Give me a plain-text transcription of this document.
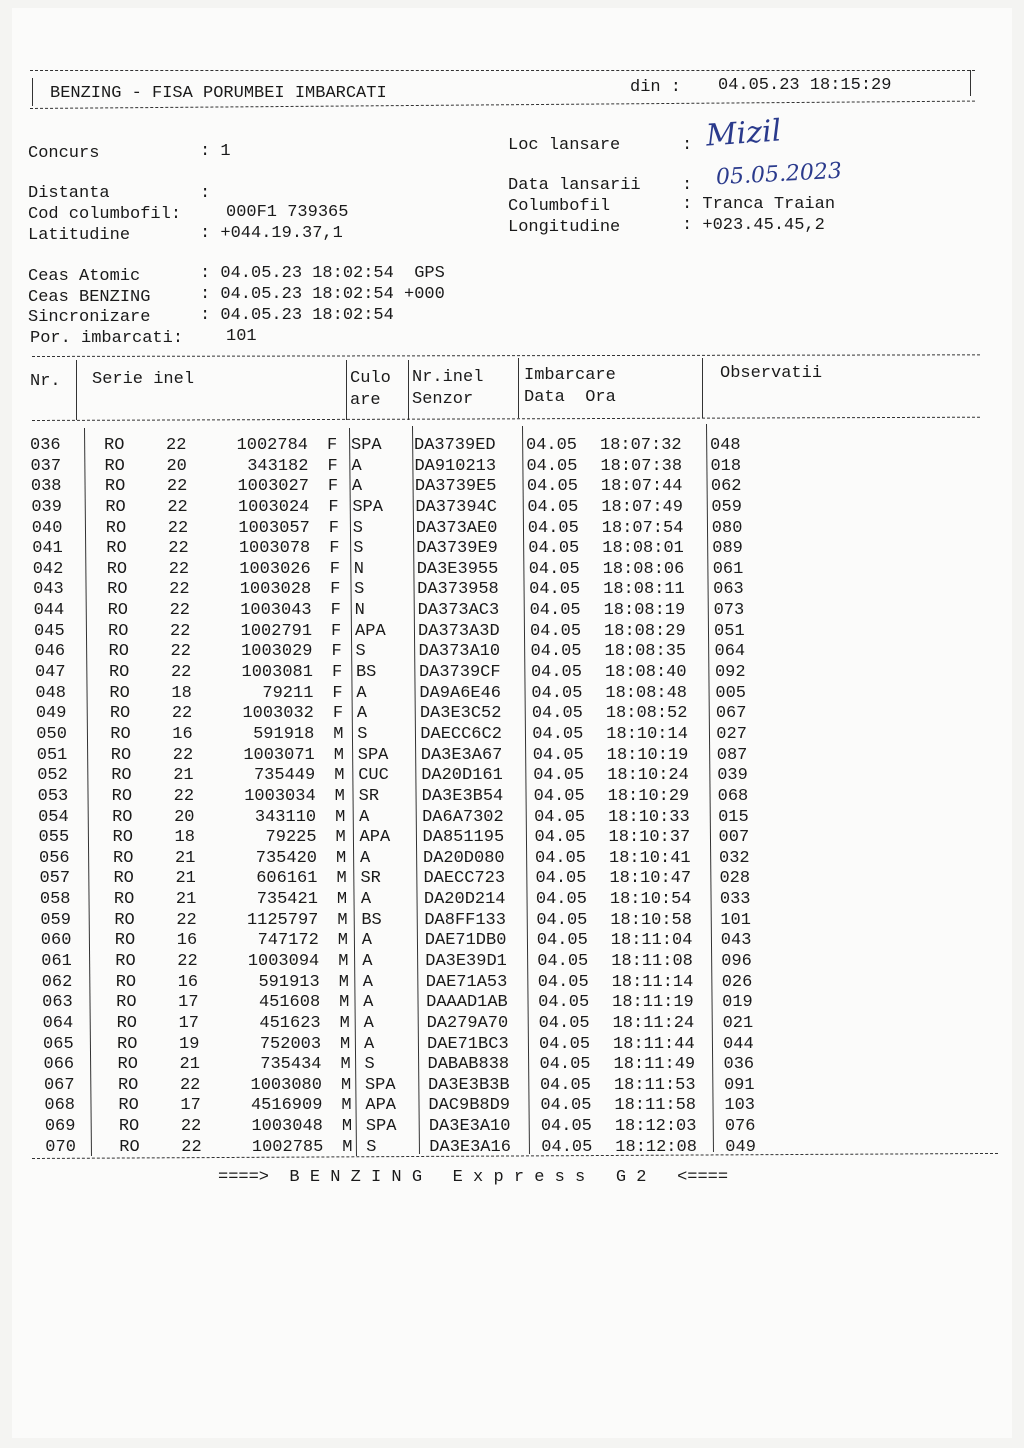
BENZING - FISA PORUMBEI IMBARCATI	din : 04.05.23 18:15:29
Concurs	: 1
Distanta	:
Cod columbofil:	000F1 739365
Latitudine	: +044.19.37,1
Loc lansare	: Mizil
Data lansarii : 05.05.2023
Columbofil	: Tranca Traian
Longitudine	: +023.45.45,2
Ceas Atomic	: 04.05.23 18:02:54  GPS
Ceas BENZING	: 04.05.23 18:02:54 +000
Sincronizare	: 04.05.23 18:02:54
Por. imbarcati:	101
Nr. Serie inel	Culo
are
Nr.inel
Senzor
Imbarcare
Data  Ora
Observatii
036	RO 22	1002784 F SPA DA3739ED 04.05 18:07:32 048
037	RO 20	343182 F A	DA910213 04.05 18:07:38 018
038	RO 22	1003027 F A	DA3739E5 04.05 18:07:44 062
039	RO 22	1003024 F SPA DA37394C 04.05 18:07:49 059
040	RO 22	1003057 F S	DA373AE0 04.05 18:07:54 080
041	RO 22	1003078 F S	DA3739E9 04.05 18:08:01 089
042	RO 22	1003026 F N	DA3E3955 04.05 18:08:06 061
043	RO 22	1003028 F S	DA373958 04.05 18:08:11 063
044	RO 22	1003043 F N	DA373AC3 04.05 18:08:19 073
045	RO 22	1002791 F APA DA373A3D 04.05 18:08:29 051
046	RO 22	1003029 F S	DA373A10 04.05 18:08:35 064
047	RO 22	1003081 F BS	DA3739CF 04.05 18:08:40 092
048	RO 18	79211 F A	DA9A6E46 04.05 18:08:48 005
049	RO 22	1003032 F A	DA3E3C52 04.05 18:08:52 067
050	RO 16	591918 M S	DAECC6C2 04.05 18:10:14 027
051	RO 22	1003071 M SPA DA3E3A67 04.05 18:10:19 087
052	RO 21	735449 M CUC DA20D161 04.05 18:10:24 039
053	RO 22	1003034 M SR	DA3E3B54 04.05 18:10:29 068
054	RO 20	343110 M A	DA6A7302 04.05 18:10:33 015
055	RO 18	79225 M APA DA851195 04.05 18:10:37 007
056	RO 21	735420 M A	DA20D080 04.05 18:10:41 032
057	RO 21	606161 M SR	DAECC723 04.05 18:10:47 028
058	RO 21	735421 M A	DA20D214 04.05 18:10:54 033
059	RO 22	1125797 M BS	DA8FF133 04.05 18:10:58 101
060	RO 16	747172 M A	DAE71DB0 04.05 18:11:04 043
061	RO 22	1003094 M A	DA3E39D1 04.05 18:11:08 096
062	RO 16	591913 M A	DAE71A53 04.05 18:11:14 026
063	RO 17	451608 M A	DAAAD1AB 04.05 18:11:19 019
064	RO 17	451623 M A	DA279A70 04.05 18:11:24 021
065	RO 19	752003 M A	DAE71BC3 04.05 18:11:44 044
066	RO 21	735434 M S	DABAB838 04.05 18:11:49 036
067	RO 22	1003080 M SPA DA3E3B3B 04.05 18:11:53 091
068	RO 17	4516909 M APA DAC9B8D9 04.05 18:11:58 103
069	RO 22	1003048 M SPA DA3E3A10 04.05 18:12:03 076
070	RO 22	1002785 M S	DA3E3A16 04.05 18:12:08 049
====>  B E N Z I N G   E x p r e s s   G 2   <====
